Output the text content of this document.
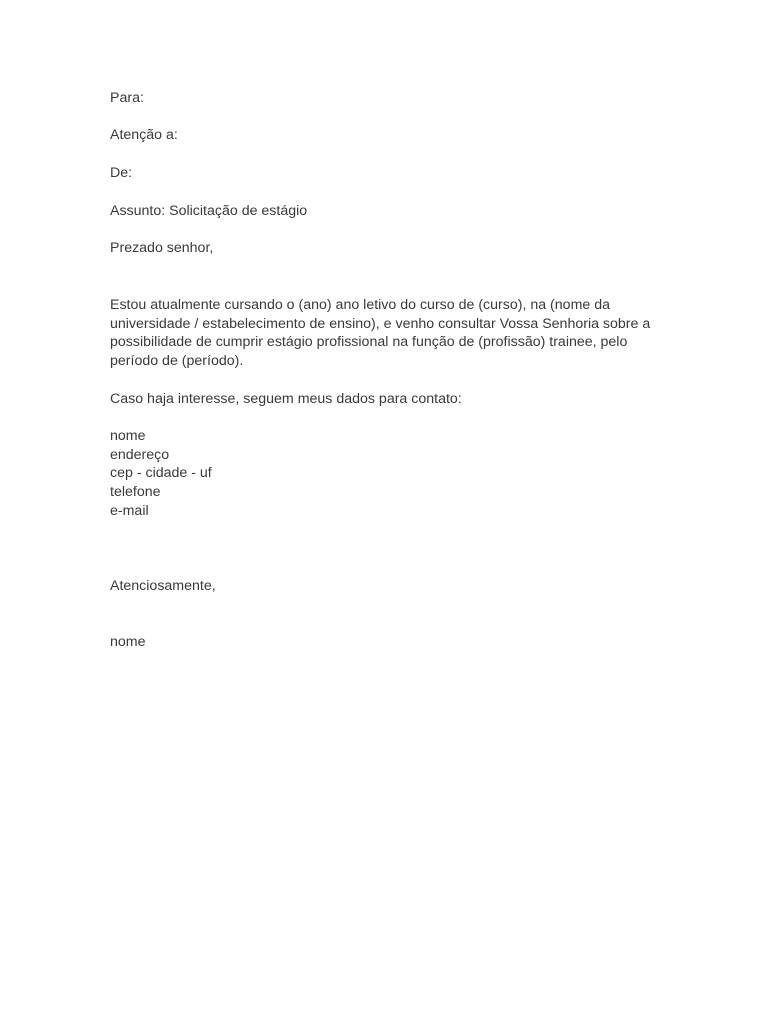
Para:
Atenção a:
De:
Assunto: Solicitação de estágio
Prezado senhor,
Estou atualmente cursando o (ano) ano letivo do curso de (curso), na (nome da
universidade / estabelecimento de ensino), e venho consultar Vossa Senhoria sobre a
possibilidade de cumprir estágio profissional na função de (profissão) trainee, pelo
período de (período).
Caso haja interesse, seguem meus dados para contato:
nome
endereço
cep - cidade - uf
telefone
e-mail
Atenciosamente,
nome
